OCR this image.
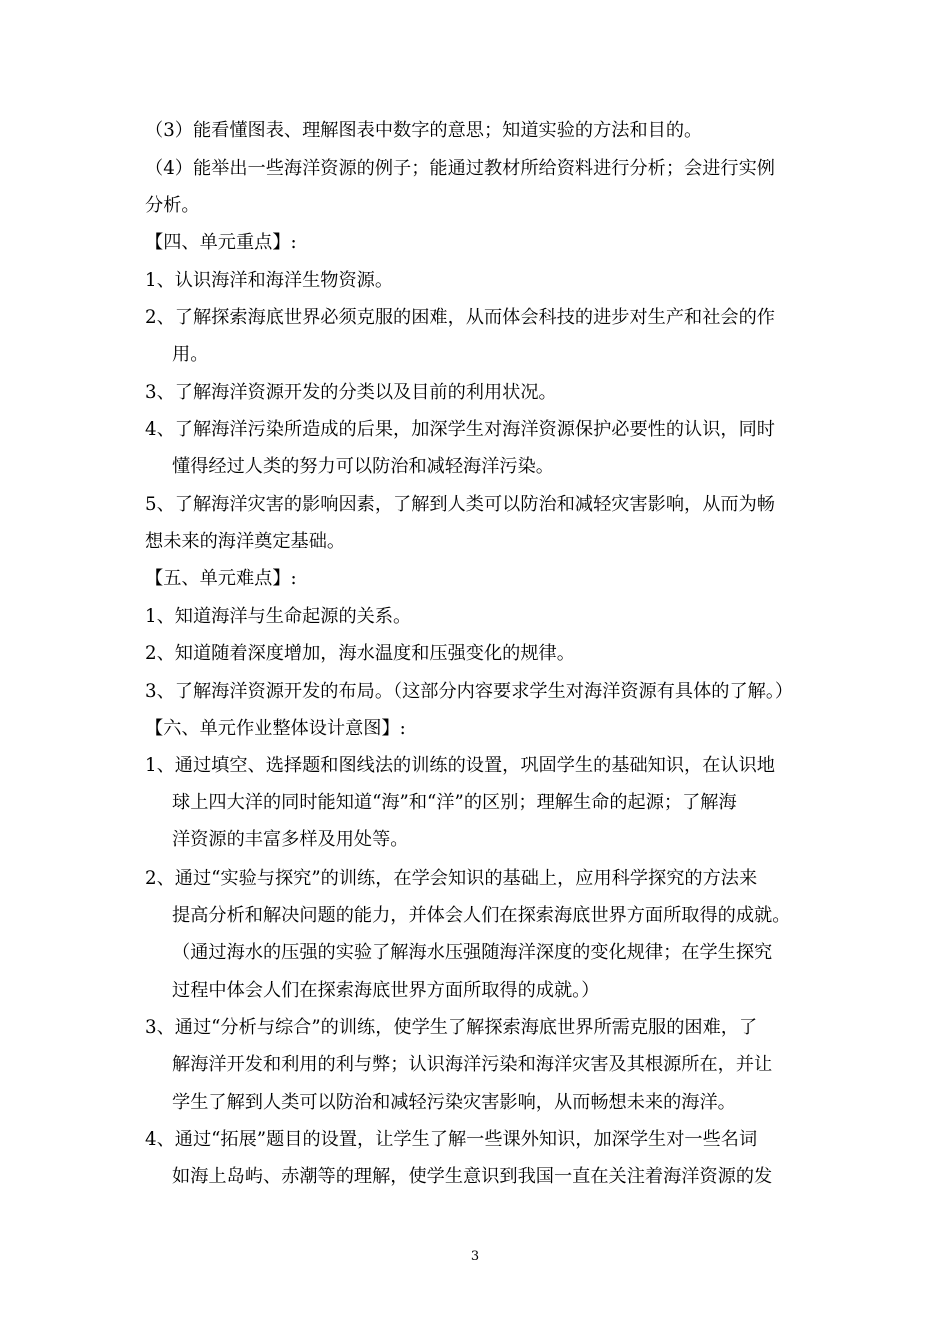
（3）能看懂图表、理解图表中数字的意思；知道实验的方法和目的。
（4）能举出一些海洋资源的例子；能通过教材所给资料进行分析；会进行实例
分析。
【四、单元重点】:
1、认识海洋和海洋生物资源。
2、了解探索海底世界必须克服的困难，从而体会科技的进步对生产和社会的作
用。
3、了解海洋资源开发的分类以及目前的利用状况。
4、了解海洋污染所造成的后果，加深学生对海洋资源保护必要性的认识，同时
懂得经过人类的努力可以防治和减轻海洋污染。
5、了解海洋灾害的影响因素，了解到人类可以防治和减轻灾害影响，从而为畅
想未来的海洋奠定基础。
【五、单元难点】:
1、知道海洋与生命起源的关系。
2、知道随着深度增加，海水温度和压强变化的规律。
3、了解海洋资源开发的布局。（这部分内容要求学生对海洋资源有具体的了解。）
【六、单元作业整体设计意图】:
1、通过填空、选择题和图线法的训练的设置，巩固学生的基础知识，在认识地
球上四大洋的同时能知道“海”和“洋”的区别；理解生命的起源；了解海
洋资源的丰富多样及用处等。
2、通过“实验与探究”的训练，在学会知识的基础上，应用科学探究的方法来
提高分析和解决问题的能力，并体会人们在探索海底世界方面所取得的成就。
（通过海水的压强的实验了解海水压强随海洋深度的变化规律；在学生探究
过程中体会人们在探索海底世界方面所取得的成就。）
3、通过“分析与综合”的训练，使学生了解探索海底世界所需克服的困难，了
解海洋开发和利用的利与弊；认识海洋污染和海洋灾害及其根源所在，并让
学生了解到人类可以防治和减轻污染灾害影响，从而畅想未来的海洋。
4、通过“拓展”题目的设置，让学生了解一些课外知识，加深学生对一些名词
如海上岛屿、赤潮等的理解，使学生意识到我国一直在关注着海洋资源的发
3
